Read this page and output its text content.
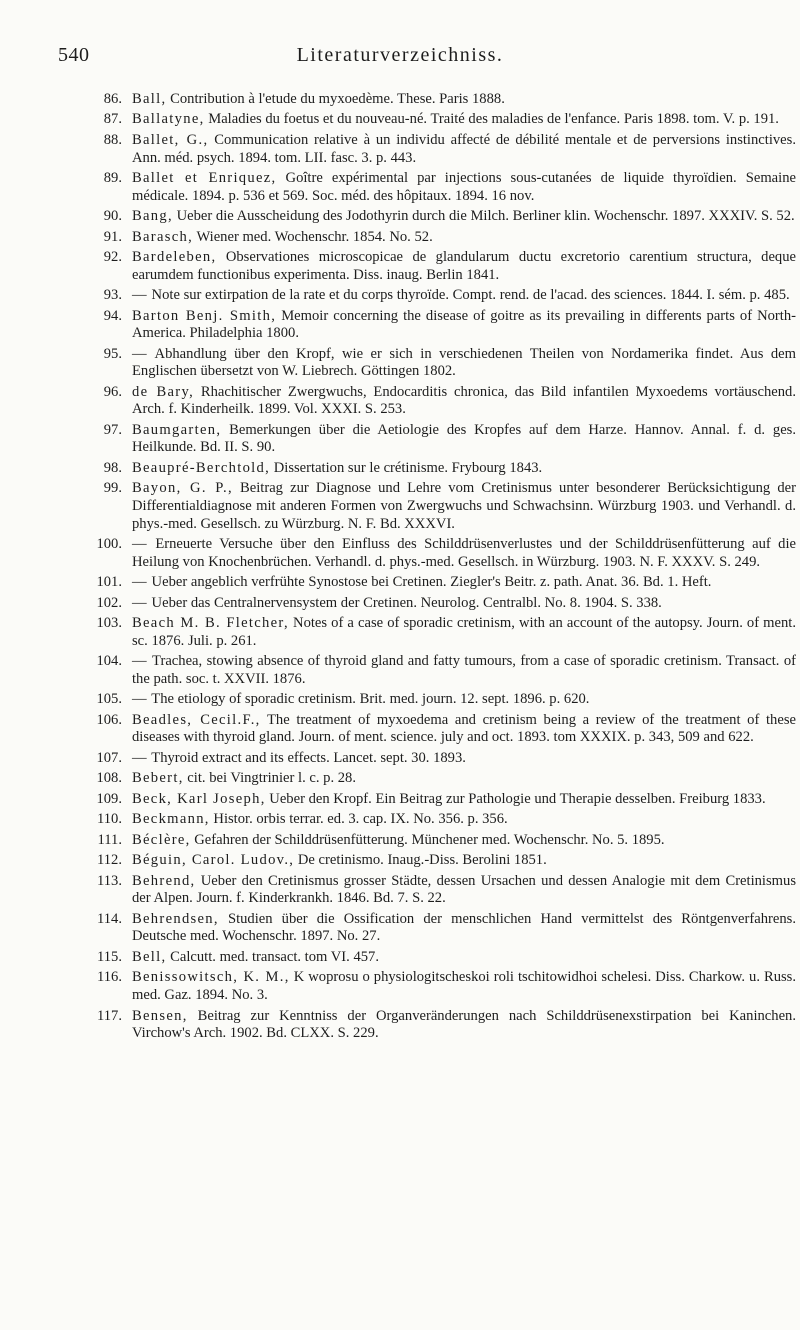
540	Literaturverzeichniss.
86. Ball, Contribution à l'etude du myxoedème. These. Paris 1888.
87. Ballatyne, Maladies du foetus et du nouveau-né. Traité des maladies de l'enfance. Paris 1898. tom. V. p. 191.
88. Ballet, G., Communication relative à un individu affecté de débilité mentale et de perversions instinctives. Ann. méd. psych. 1894. tom. LII. fasc. 3. p. 443.
89. Ballet et Enriquez, Goître expérimental par injections sous-cutanées de liquide thyroïdien. Semaine médicale. 1894. p. 536 et 569. Soc. méd. des hôpitaux. 1894. 16 nov.
90. Bang, Ueber die Ausscheidung des Jodothyrin durch die Milch. Berliner klin. Wochenschr. 1897. XXXIV. S. 52.
91. Barasch, Wiener med. Wochenschr. 1854. No. 52.
92. Bardeleben, Observationes microscopicae de glandularum ductu excretorio carentium structura, deque earumdem functionibus experimenta. Diss. inaug. Berlin 1841.
93. — Note sur extirpation de la rate et du corps thyroïde. Compt. rend. de l'acad. des sciences. 1844. I. sém. p. 485.
94. Barton Benj. Smith, Memoir concerning the disease of goitre as its prevailing in differents parts of North-America. Philadelphia 1800.
95. — Abhandlung über den Kropf, wie er sich in verschiedenen Theilen von Nordamerika findet. Aus dem Englischen übersetzt von W. Liebrech. Göttingen 1802.
96. de Bary, Rhachitischer Zwergwuchs, Endocarditis chronica, das Bild infantilen Myxoedems vortäuschend. Arch. f. Kinderheilk. 1899. Vol. XXXI. S. 253.
97. Baumgarten, Bemerkungen über die Aetiologie des Kropfes auf dem Harze. Hannov. Annal. f. d. ges. Heilkunde. Bd. II. S. 90.
98. Beaupré-Berchtold, Dissertation sur le crétinisme. Frybourg 1843.
99. Bayon, G. P., Beitrag zur Diagnose und Lehre vom Cretinismus unter besonderer Berücksichtigung der Differentialdiagnose mit anderen Formen von Zwergwuchs und Schwachsinn. Würzburg 1903. und Verhandl. d. phys.-med. Gesellsch. zu Würzburg. N. F. Bd. XXXVI.
100. — Erneuerte Versuche über den Einfluss des Schilddrüsenverlustes und der Schilddrüsenfütterung auf die Heilung von Knochenbrüchen. Verhandl. d. phys.-med. Gesellsch. in Würzburg. 1903. N. F. XXXV. S. 249.
101. — Ueber angeblich verfrühte Synostose bei Cretinen. Ziegler's Beitr. z. path. Anat. 36. Bd. 1. Heft.
102. — Ueber das Centralnervensystem der Cretinen. Neurolog. Centralbl. No. 8. 1904. S. 338.
103. Beach M. B. Fletcher, Notes of a case of sporadic cretinism, with an account of the autopsy. Journ. of ment. sc. 1876. Juli. p. 261.
104. — Trachea, stowing absence of thyroid gland and fatty tumours, from a case of sporadic cretinism. Transact. of the path. soc. t. XXVII. 1876.
105. — The etiology of sporadic cretinism. Brit. med. journ. 12. sept. 1896. p. 620.
106. Beadles, Cecil.F., The treatment of myxoedema and cretinism being a review of the treatment of these diseases with thyroid gland. Journ. of ment. science. july and oct. 1893. tom XXXIX. p. 343, 509 and 622.
107. — Thyroid extract and its effects. Lancet. sept. 30. 1893.
108. Bebert, cit. bei Vingtrinier l. c. p. 28.
109. Beck, Karl Joseph, Ueber den Kropf. Ein Beitrag zur Pathologie und Therapie desselben. Freiburg 1833.
110. Beckmann, Histor. orbis terrar. ed. 3. cap. IX. No. 356. p. 356.
111. Béclère, Gefahren der Schilddrüsenfütterung. Münchener med. Wochenschr. No. 5. 1895.
112. Béguin, Carol. Ludov., De cretinismo. Inaug.-Diss. Berolini 1851.
113. Behrend, Ueber den Cretinismus grosser Städte, dessen Ursachen und dessen Analogie mit dem Cretinismus der Alpen. Journ. f. Kinderkrankh. 1846. Bd. 7. S. 22.
114. Behrendsen, Studien über die Ossification der menschlichen Hand vermittelst des Röntgenverfahrens. Deutsche med. Wochenschr. 1897. No. 27.
115. Bell, Calcutt. med. transact. tom VI. 457.
116. Benissowitsch, K. M., K woprosu o physiologitscheskoi roli tschitowidhoi schelesi. Diss. Charkow. u. Russ. med. Gaz. 1894. No. 3.
117. Bensen, Beitrag zur Kenntniss der Organveränderungen nach Schilddrüsenexstirpation bei Kaninchen. Virchow's Arch. 1902. Bd. CLXX. S. 229.
